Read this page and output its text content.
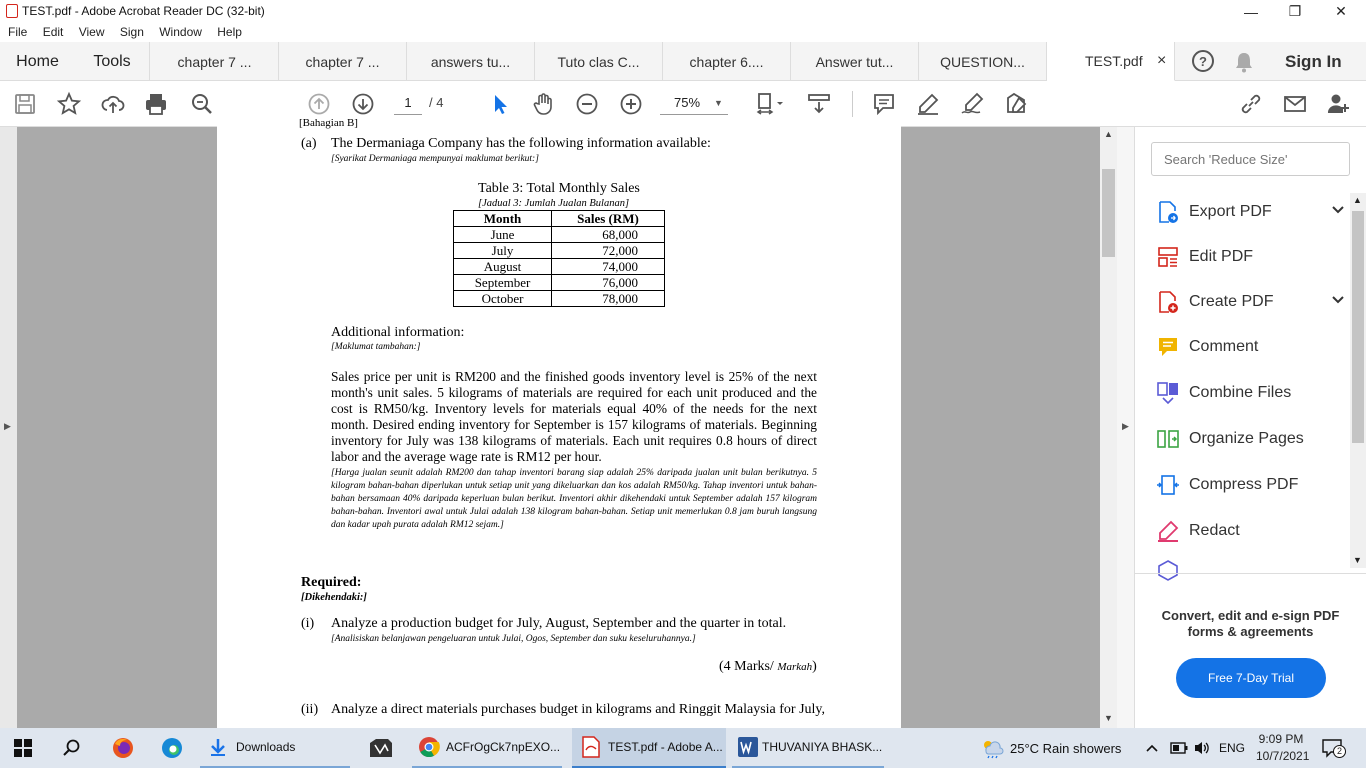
TEST.pdf - Adobe Acrobat Reader DC (32-bit)	—	❐	✕
File Edit View Sign Window Help
Home	Tools	chapter 7 ...	chapter 7 ...	answers tu...	Tuto clas C...	chapter 6....	Answer tut...	QUESTION...	TEST.pdf ×	?	Sign In
1	/ 4	75% ▼
▶
[Bahagian B]
(a) The Dermaniaga Company has the following information available:
[Syarikat Dermaniaga mempunyai maklumat berikut:]
Table 3: Total Monthly Sales
[Jadual 3: Jumlah Jualan Bulanan]
Month	Sales (RM)
June	68,000
July	72,000
August	74,000
September	76,000
October	78,000
Additional information:
[Maklumat tambahan:]
Sales price per unit is RM200 and the finished goods inventory level is 25% of the next month's unit sales. 5 kilograms of materials are required for each unit produced and the cost is RM50/kg. Inventory levels for materials equal 40% of the needs for the next month. Desired ending inventory for September is 157 kilograms of materials. Beginning inventory for July was 138 kilograms of materials. Each unit requires 0.8 hours of direct labor and the average wage rate is RM12 per hour.
[Harga jualan seunit adalah RM200 dan tahap inventori barang siap adalah 25% daripada jualan unit bulan berikutnya. 5 kilogram bahan-bahan diperlukan untuk setiap unit yang dikeluarkan dan kos adalah RM50/kg. Tahap inventori untuk bahan-bahan bersamaan 40% daripada keperluan bulan berikut. Inventori akhir dikehendaki untuk September adalah 157 kilogram bahan-bahan. Inventori awal untuk Julai adalah 138 kilogram bahan-bahan. Setiap unit memerlukan 0.8 jam buruh langsung dan kadar upah purata adalah RM12 sejam.]
Required:
[Dikehendaki:]
(i) Analyze a production budget for July, August, September and the quarter in total.
[Analisiskan belanjawan pengeluaran untuk Julai, Ogos, September dan suku keseluruhannya.]
(4 Marks/ Markah)
(ii) Analyze a direct materials purchases budget in kilograms and Ringgit Malaysia for July,
▲
▼
▶
Search 'Reduce Size'
Export PDF
Edit PDF
Create PDF
Comment
Combine Files
Organize Pages
Compress PDF
Redact
▲
▼
Convert, edit and e-sign PDF forms & agreements
Free 7-Day Trial
Downloads	ACFrOgCk7npEXO...	TEST.pdf - Adobe A...	THUVANIYA BHASK...	25°C Rain showers	ENG
9:09 PM
10/7/2021	2
